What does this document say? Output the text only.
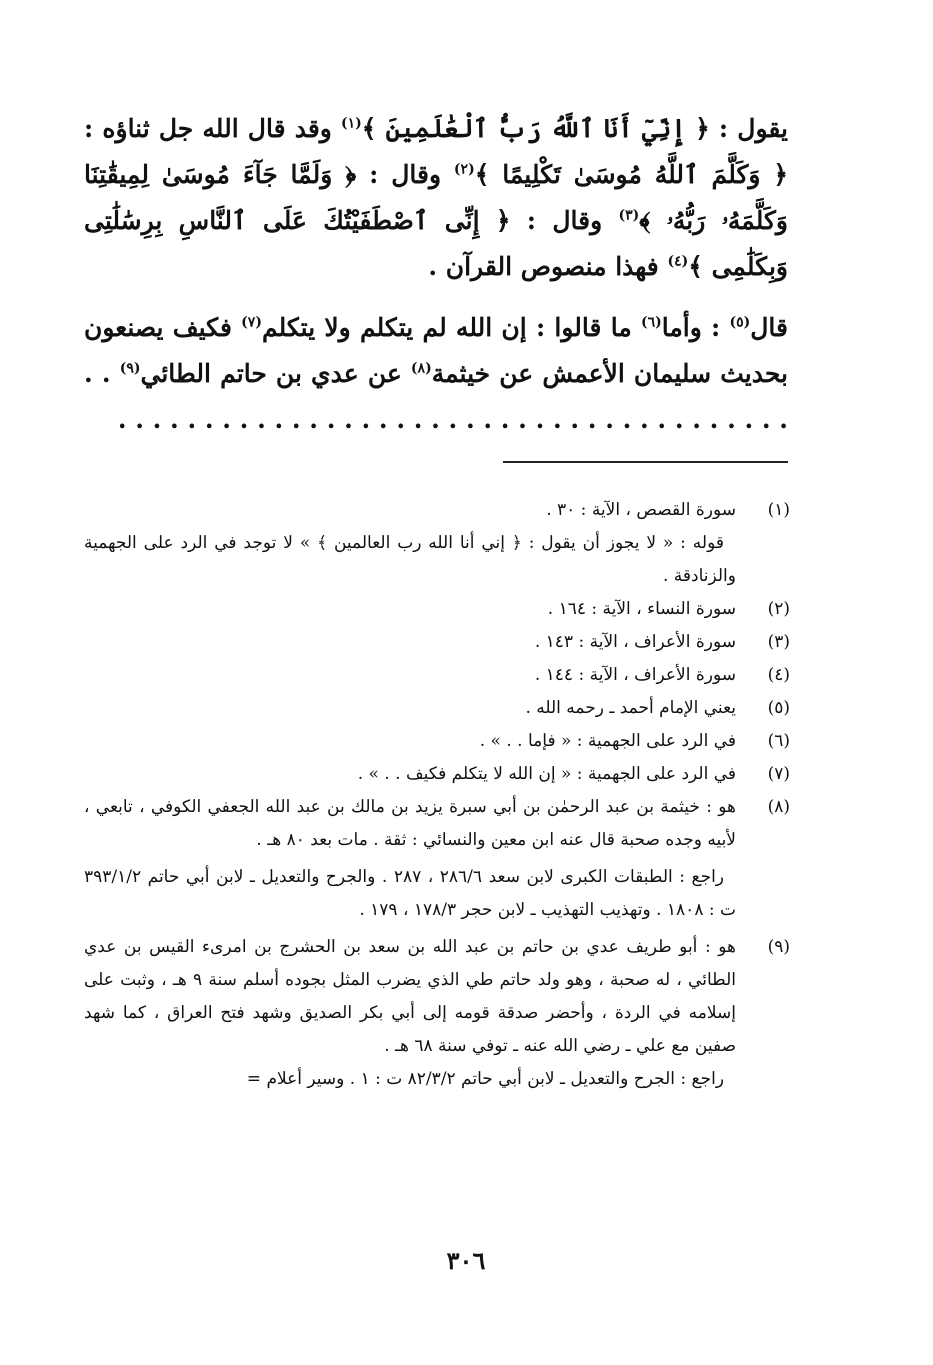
يقول : ﴿ إِنِّيٓ أَنَا ٱللَّهُ رَبُّ ٱلْعَٰلَمِينَ ﴾$^{(١)}$ وقد قال الله جل ثناؤه : ﴿ وَكَلَّمَ ٱللَّهُ مُوسَىٰ تَكْلِيمًا ﴾$^{(٢)}$ وقال : ﴿ وَلَمَّا جَآءَ مُوسَىٰ لِمِيقَٰتِنَا وَكَلَّمَهُۥ رَبُّهُۥ ﴾$^{(٣)}$ وقال : ﴿ إِنِّى ٱصْطَفَيْتُكَ عَلَى ٱلنَّاسِ بِرِسَٰلَٰتِى وَبِكَلَٰمِى ﴾$^{(٤)}$ فهذا منصوص القرآن .

قال$^{(٥)}$ : وأما$^{(٦)}$ ما قالوا : إن الله لم يتكلم ولا يتكلم$^{(٧)}$ فكيف يصنعون بحديث سليمان الأعمش عن خيثمة$^{(٨)}$ عن عدي بن حاتم الطائي$^{(٩)}$ . . . . . . . . . . . . . . . . . . . . . . . . . . . . . . . . . . . . . . . . .

(١)
سورة القصص ، الآية : ٣٠ .
قوله : « لا يجوز أن يقول : ﴿ إني أنا الله رب العالمين ﴾ » لا توجد في الرد على الجهمية والزنادقة .
(٢)
سورة النساء ، الآية : ١٦٤ .
(٣)
سورة الأعراف ، الآية : ١٤٣ .
(٤)
سورة الأعراف ، الآية : ١٤٤ .
(٥)
يعني الإمام أحمد ـ رحمه الله .
(٦)
في الرد على الجهمية : « فإما . . » .
(٧)
في الرد على الجهمية : « إن الله لا يتكلم فكيف . . » .
(٨)
هو : خيثمة بن عبد الرحمٰن بن أبي سبرة يزيد بن مالك بن عبد الله الجعفي الكوفي ، تابعي ، لأبيه وجده صحبة قال عنه ابن معين والنسائي : ثقة . مات بعد ٨٠ هـ .
راجع : الطبقات الكبرى لابن سعد ٢٨٦/٦ ، ٢٨٧ . والجرح والتعديل ـ لابن أبي حاتم ٣٩٣/١/٢ ت : ١٨٠٨ . وتهذيب التهذيب ـ لابن حجر ١٧٨/٣ ، ١٧٩ .
(٩)
هو : أبو طريف عدي بن حاتم بن عبد الله بن سعد بن الحشرج بن امرىء القيس بن عدي الطائي ، له صحبة ، وهو ولد حاتم طي الذي يضرب المثل بجوده أسلم سنة ٩ هـ ، وثبت على إسلامه في الردة ، وأحضر صدقة قومه إلى أبي بكر الصديق وشهد فتح العراق ، كما شهد صفين مع علي ـ رضي الله عنه ـ توفي سنة ٦٨ هـ .
راجع : الجرح والتعديل ـ لابن أبي حاتم ٨٢/٣/٢ ت : ١ . وسير أعلام =
٣٠٦
